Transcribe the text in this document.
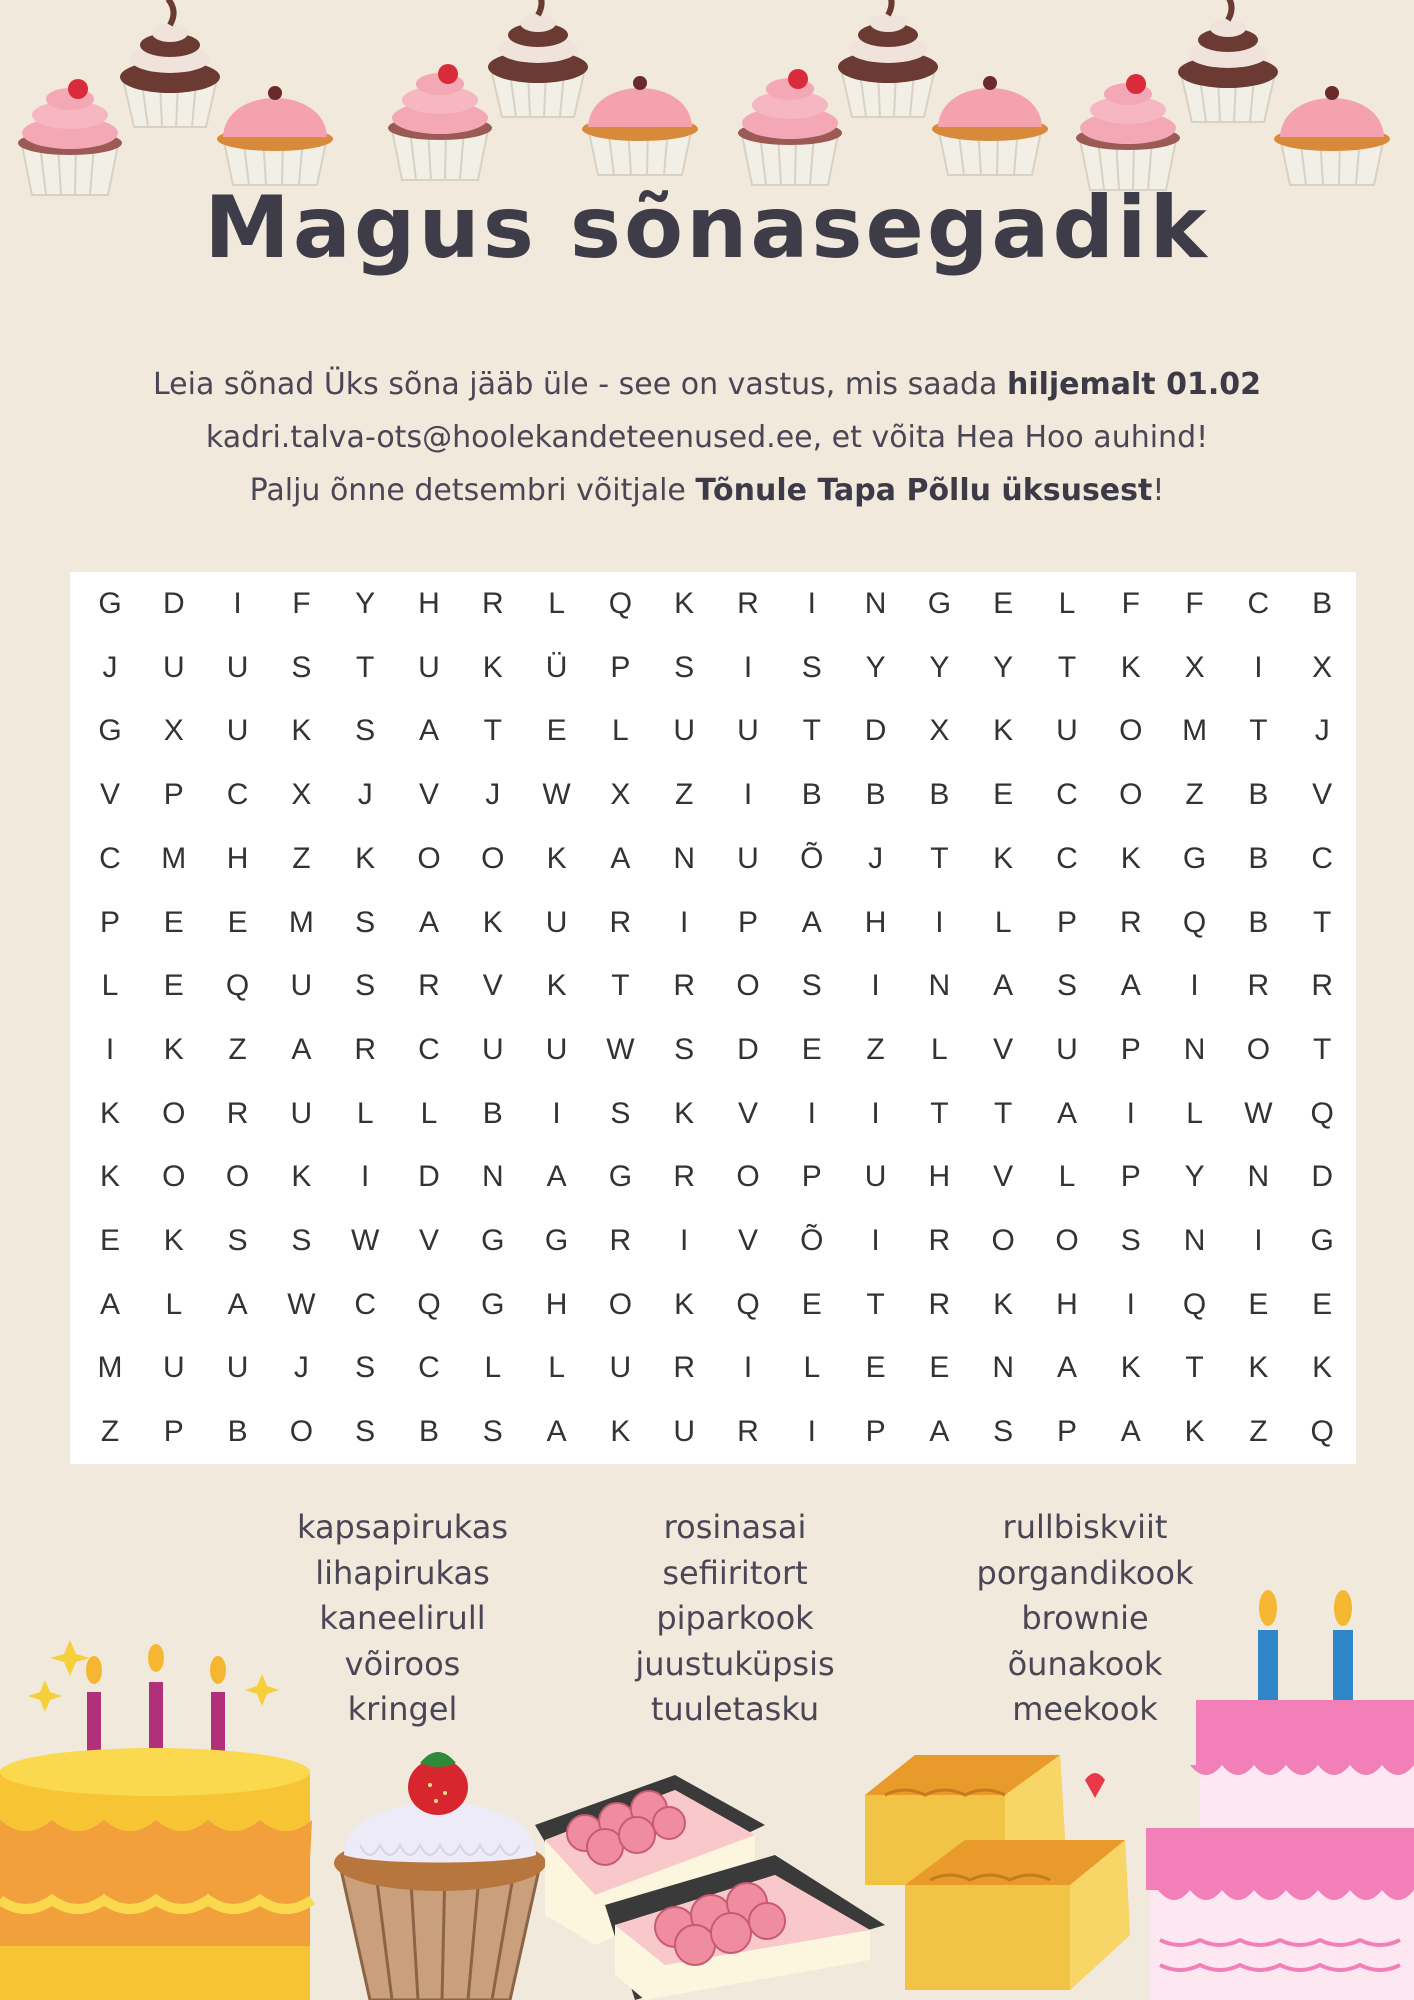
Magus sõnasegadik
Leia sõnad Üks sõna jääb üle - see on vastus, mis saada hiljemalt 01.02
kadri.talva-ots@hoolekandeteenused.ee, et võita Hea Hoo auhind!
Palju õnne detsembri võitjale Tõnule Tapa Põllu üksusest!
G	D	I	F	Y	H	R	L	Q	K	R	I	N	G	E	L	F	F	C	B
J	U	U	S	T	U	K	Ü	P	S	I	S	Y	Y	Y	T	K	X	I	X
G	X	U	K	S	A	T	E	L	U	U	T	D	X	K	U	O	M	T	J
V	P	C	X	J	V	J	W	X	Z	I	B	B	B	E	C	O	Z	B	V
C	M	H	Z	K	O	O	K	A	N	U	Õ	J	T	K	C	K	G	B	C
P	E	E	M	S	A	K	U	R	I	P	A	H	I	L	P	R	Q	B	T
L	E	Q	U	S	R	V	K	T	R	O	S	I	N	A	S	A	I	R	R
I	K	Z	A	R	C	U	U	W	S	D	E	Z	L	V	U	P	N	O	T
K	O	R	U	L	L	B	I	S	K	V	I	I	T	T	A	I	L	W	Q
K	O	O	K	I	D	N	A	G	R	O	P	U	H	V	L	P	Y	N	D
E	K	S	S	W	V	G	G	R	I	V	Õ	I	R	O	O	S	N	I	G
A	L	A	W	C	Q	G	H	O	K	Q	E	T	R	K	H	I	Q	E	E
M	U	U	J	S	C	L	L	U	R	I	L	E	E	N	A	K	T	K	K
Z	P	B	O	S	B	S	A	K	U	R	I	P	A	S	P	A	K	Z	Q
kapsapirukas
lihapirukas
kaneelirull
võiroos
kringel
rosinasai
sefiiritort
piparkook
juustuküpsis
tuuletasku
rullbiskviit
porgandikook
brownie
õunakook
meekook
